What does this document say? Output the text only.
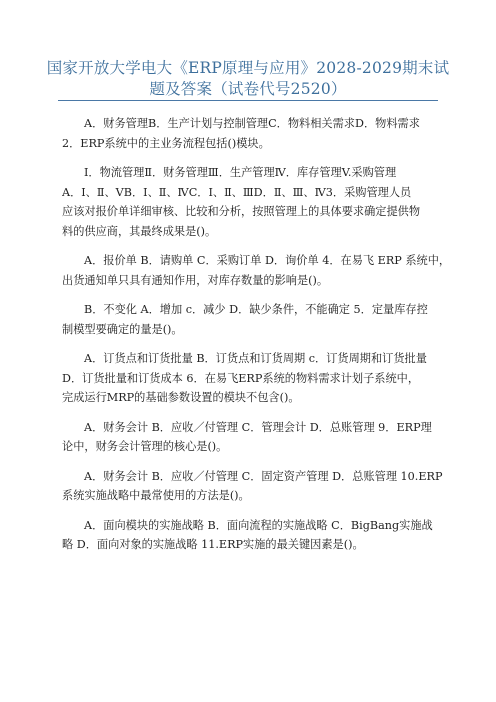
国家开放大学电大《ERP原理与应用》2028-2029期末试
题及答案（试卷代号2520）

A．财务管理B．生产计划与控制管理C．物料相关需求D．物料需求
2．ERP系统中的主业务流程包括()模块。

I．物流管理Ⅱ．财务管理Ⅲ．生产管理Ⅳ．库存管理V.采购管理
A．I、Ⅱ、VB．I、Ⅱ、ⅣC．I、Ⅱ、ⅢD．Ⅱ、Ⅲ、Ⅳ3．采购管理人员
应该对报价单详细审核、比较和分析，按照管理上的具体要求确定提供物
料的供应商，其最终成果是()。

A．报价单 B．请购单 C．采购订单 D．询价单 4．在易飞 ERP 系统中，
出货通知单只具有通知作用，对库存数量的影响是()。

B．不变化 A．增加 c．减少 D．缺少条件，不能确定 5．定量库存控
制模型要确定的量是()。

A．订货点和订货批量 B．订货点和订货周期 c．订货周期和订货批量
D．订货批量和订货成本 6．在易飞ERP系统的物料需求计划子系统中，
完成运行MRP的基础参数设置的模块不包含()。

A．财务会计 B．应收／付管理 C．管理会计 D．总账管理 9．ERP理
论中，财务会计管理的核心是()。

A．财务会计 B．应收／付管理 C．固定资产管理 D．总账管理 10.ERP
系统实施战略中最常使用的方法是()。

A．面向模块的实施战略 B．面向流程的实施战略 C．BigBang实施战
略 D．面向对象的实施战略 11.ERP实施的最关键因素是()。
